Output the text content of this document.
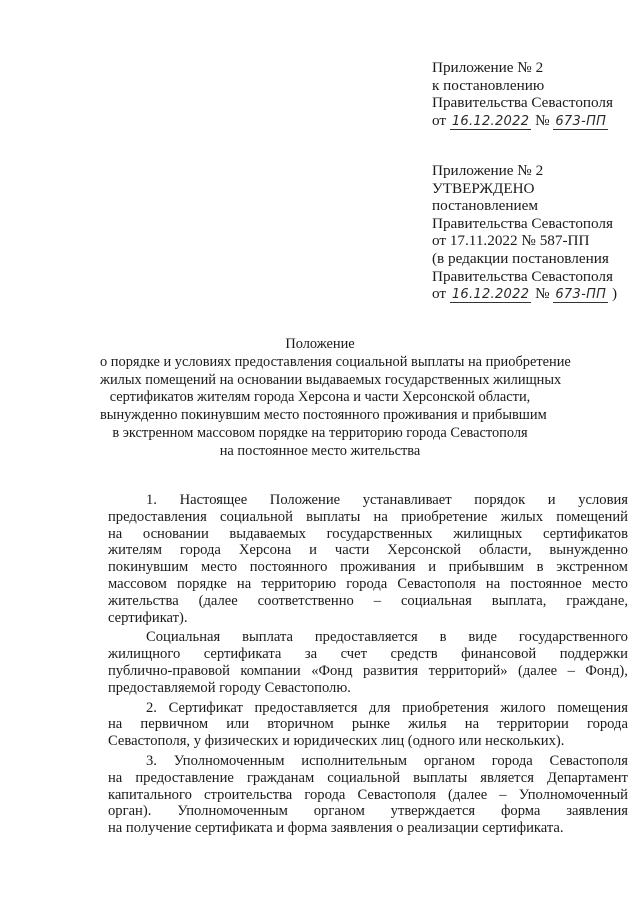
Приложение № 2
к постановлению
Правительства Севастополя
от 16.12.2022 № 673-ПП
Приложение № 2
УТВЕРЖДЕНО
постановлением
Правительства Севастополя
от 17.11.2022 № 587-ПП
(в редакции постановления
Правительства Севастополя
от 16.12.2022 № 673-ПП )
Положение
о порядке и условиях предоставления социальной выплаты на приобретение
жилых помещений на основании выдаваемых государственных жилищных
сертификатов жителям города Херсона и части Херсонской области,
вынужденно покинувшим место постоянного проживания и прибывшим
в экстренном массовом порядке на территорию города Севастополя
на постоянное место жительства
1. Настоящее Положение устанавливает порядок и условия
предоставления социальной выплаты на приобретение жилых помещений
на основании выдаваемых государственных жилищных сертификатов
жителям города Херсона и части Херсонской области, вынужденно
покинувшим место постоянного проживания и прибывшим в экстренном
массовом порядке на территорию города Севастополя на постоянное место
жительства (далее соответственно – социальная выплата, граждане,
сертификат).
Социальная выплата предоставляется в виде государственного
жилищного сертификата за счет средств финансовой поддержки
публично-правовой компании «Фонд развития территорий» (далее – Фонд),
предоставляемой городу Севастополю.
2. Сертификат предоставляется для приобретения жилого помещения
на первичном или вторичном рынке жилья на территории города
Севастополя, у физических и юридических лиц (одного или нескольких).
3. Уполномоченным исполнительным органом города Севастополя
на предоставление гражданам социальной выплаты является Департамент
капитального строительства города Севастополя (далее – Уполномоченный
орган). Уполномоченным органом утверждается форма заявления
на получение сертификата и форма заявления о реализации сертификата.
